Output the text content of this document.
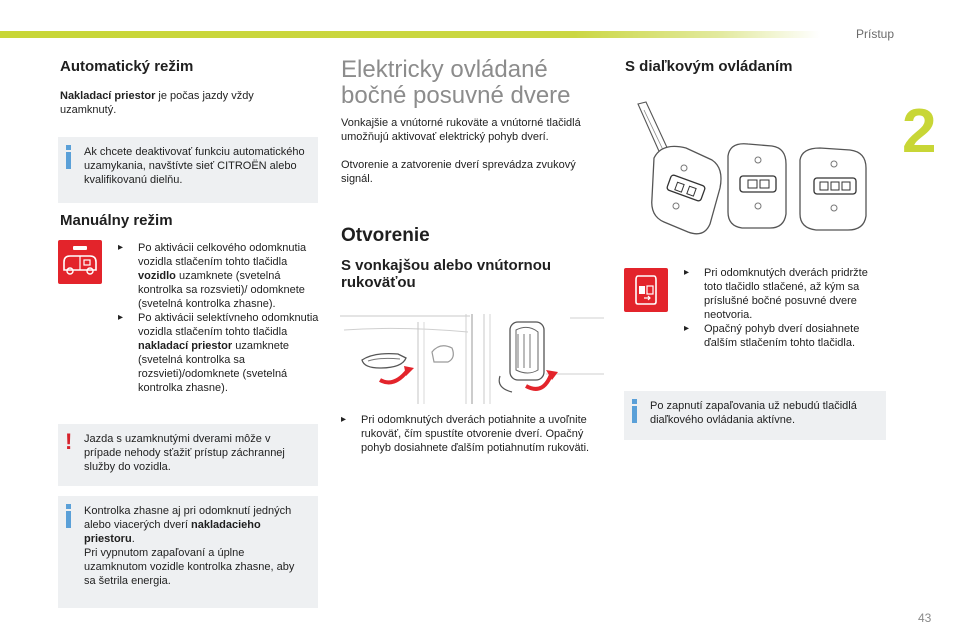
Prístup
2
43
Automatický režim

Nakladací priestor je počas jazdy vždy uzamknutý.

Ak chcete deaktivovať funkciu automatického uzamykania, navštívte sieť CITROËN alebo kvalifikovanú dielňu.
Manuálny režim
▸ Po aktivácii celkového odomknutia vozidla stlačením tohto tlačidla vozidlo uzamknete (svetelná kontrolka sa rozsvieti)/ odomknete (svetelná kontrolka zhasne).
▸ Po aktivácii selektívneho odomknutia vozidla stlačením tohto tlačidla nakladací priestor uzamknete (svetelná kontrolka sa rozsvieti)/odomknete (svetelná kontrolka zhasne).
! Jazda s uzamknutými dverami môže v prípade nehody sťažiť prístup záchrannej služby do vozidla.
Kontrolka zhasne aj pri odomknutí jedných alebo viacerých dverí nakladacieho priestoru.
Pri vypnutom zapaľovaní a úplne uzamknutom vozidle kontrolka zhasne, aby sa šetrila energia.
Elektricky ovládané
bočné posuvné dvere

Vonkajšie a vnútorné rukoväte a vnútorné tlačidlá umožňujú aktivovať elektrický pohyb dverí.

Otvorenie a zatvorenie dverí sprevádza zvukový signál.

Otvorenie
S vonkajšou alebo vnútornou
rukoväťou
▸ Pri odomknutých dverách potiahnite a uvoľnite rukoväť, čím spustíte otvorenie dverí. Opačný pohyb dosiahnete ďalším potiahnutím rukoväti.
S diaľkovým ovládaním
▸ Pri odomknutých dverách pridržte toto tlačidlo stlačené, až kým sa príslušné bočné posuvné dvere neotvoria.
▸ Opačný pohyb dverí dosiahnete ďalším stlačením tohto tlačidla.
Po zapnutí zapaľovania už nebudú tlačidlá diaľkového ovládania aktívne.
